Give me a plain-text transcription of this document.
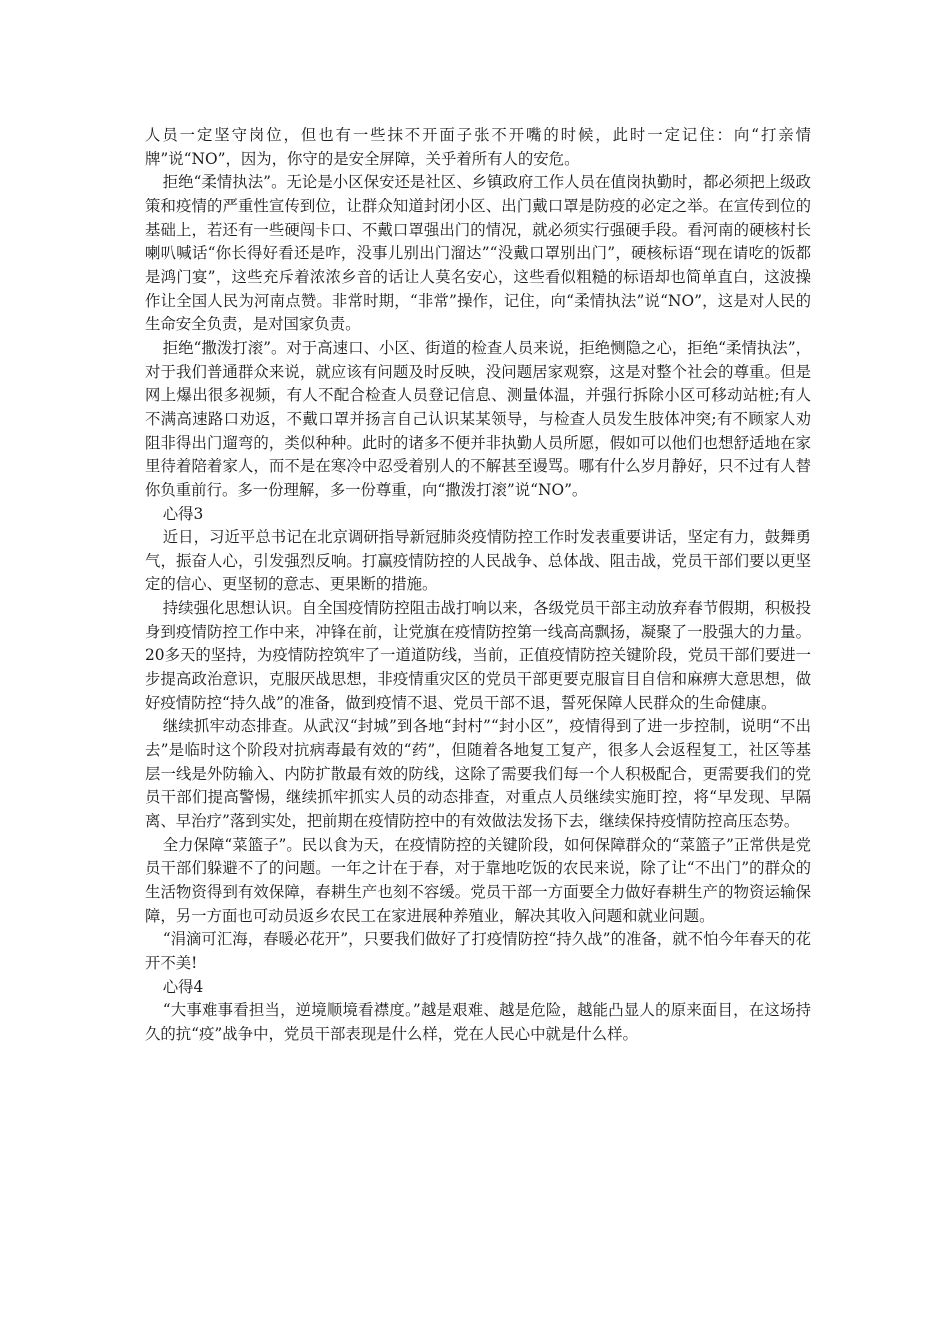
人员一定坚守岗位，但也有一些抹不开面子张不开嘴的时候，此时一定记住：向“打亲情牌”说“NO”，因为，你守的是安全屏障，关乎着所有人的安危。

拒绝“柔情执法”。无论是小区保安还是社区、乡镇政府工作人员在值岗执勤时，都必须把上级政策和疫情的严重性宣传到位，让群众知道封闭小区、出门戴口罩是防疫的必定之举。在宣传到位的基础上，若还有一些硬闯卡口、不戴口罩强出门的情况，就必须实行强硬手段。看河南的硬核村长喇叭喊话“你长得好看还是咋，没事儿别出门溜达”“没戴口罩别出门”，硬核标语“现在请吃的饭都是鸿门宴”，这些充斥着浓浓乡音的话让人莫名安心，这些看似粗糙的标语却也简单直白，这波操作让全国人民为河南点赞。非常时期，“非常”操作，记住，向“柔情执法”说“NO”，这是对人民的生命安全负责，是对国家负责。

拒绝“撒泼打滚”。对于高速口、小区、街道的检查人员来说，拒绝恻隐之心，拒绝“柔情执法”，对于我们普通群众来说，就应该有问题及时反映，没问题居家观察，这是对整个社会的尊重。但是网上爆出很多视频，有人不配合检查人员登记信息、测量体温，并强行拆除小区可移动站桩;有人不满高速路口劝返，不戴口罩并扬言自己认识某某领导，与检查人员发生肢体冲突;有不顾家人劝阻非得出门遛弯的，类似种种。此时的诸多不便并非执勤人员所愿，假如可以他们也想舒适地在家里待着陪着家人，而不是在寒冷中忍受着别人的不解甚至谩骂。哪有什么岁月静好，只不过有人替你负重前行。多一份理解，多一份尊重，向“撒泼打滚”说“NO”。

心得3

近日，习近平总书记在北京调研指导新冠肺炎疫情防控工作时发表重要讲话，坚定有力，鼓舞勇气，振奋人心，引发强烈反响。打赢疫情防控的人民战争、总体战、阻击战，党员干部们要以更坚定的信心、更坚韧的意志、更果断的措施。

持续强化思想认识。自全国疫情防控阻击战打响以来，各级党员干部主动放弃春节假期，积极投身到疫情防控工作中来，冲锋在前，让党旗在疫情防控第一线高高飘扬，凝聚了一股强大的力量。20多天的坚持，为疫情防控筑牢了一道道防线，当前，正值疫情防控关键阶段，党员干部们要进一步提高政治意识，克服厌战思想，非疫情重灾区的党员干部更要克服盲目自信和麻痹大意思想，做好疫情防控“持久战”的准备，做到疫情不退、党员干部不退，誓死保障人民群众的生命健康。

继续抓牢动态排查。从武汉“封城”到各地“封村”“封小区”，疫情得到了进一步控制，说明“不出去”是临时这个阶段对抗病毒最有效的“药”，但随着各地复工复产，很多人会返程复工，社区等基层一线是外防输入、内防扩散最有效的防线，这除了需要我们每一个人积极配合，更需要我们的党员干部们提高警惕，继续抓牢抓实人员的动态排查，对重点人员继续实施盯控，将“早发现、早隔离、早治疗”落到实处，把前期在疫情防控中的有效做法发扬下去，继续保持疫情防控高压态势。

全力保障“菜篮子”。民以食为天，在疫情防控的关键阶段，如何保障群众的“菜篮子”正常供是党员干部们躲避不了的问题。一年之计在于春，对于靠地吃饭的农民来说，除了让“不出门”的群众的生活物资得到有效保障，春耕生产也刻不容缓。党员干部一方面要全力做好春耕生产的物资运输保障，另一方面也可动员返乡农民工在家进展种养殖业，解决其收入问题和就业问题。

“涓滴可汇海，春暖必花开”，只要我们做好了打疫情防控“持久战”的准备，就不怕今年春天的花开不美!

心得4

“大事难事看担当，逆境顺境看襟度。”越是艰难、越是危险，越能凸显人的原来面目，在这场持久的抗“疫”战争中，党员干部表现是什么样，党在人民心中就是什么样。
